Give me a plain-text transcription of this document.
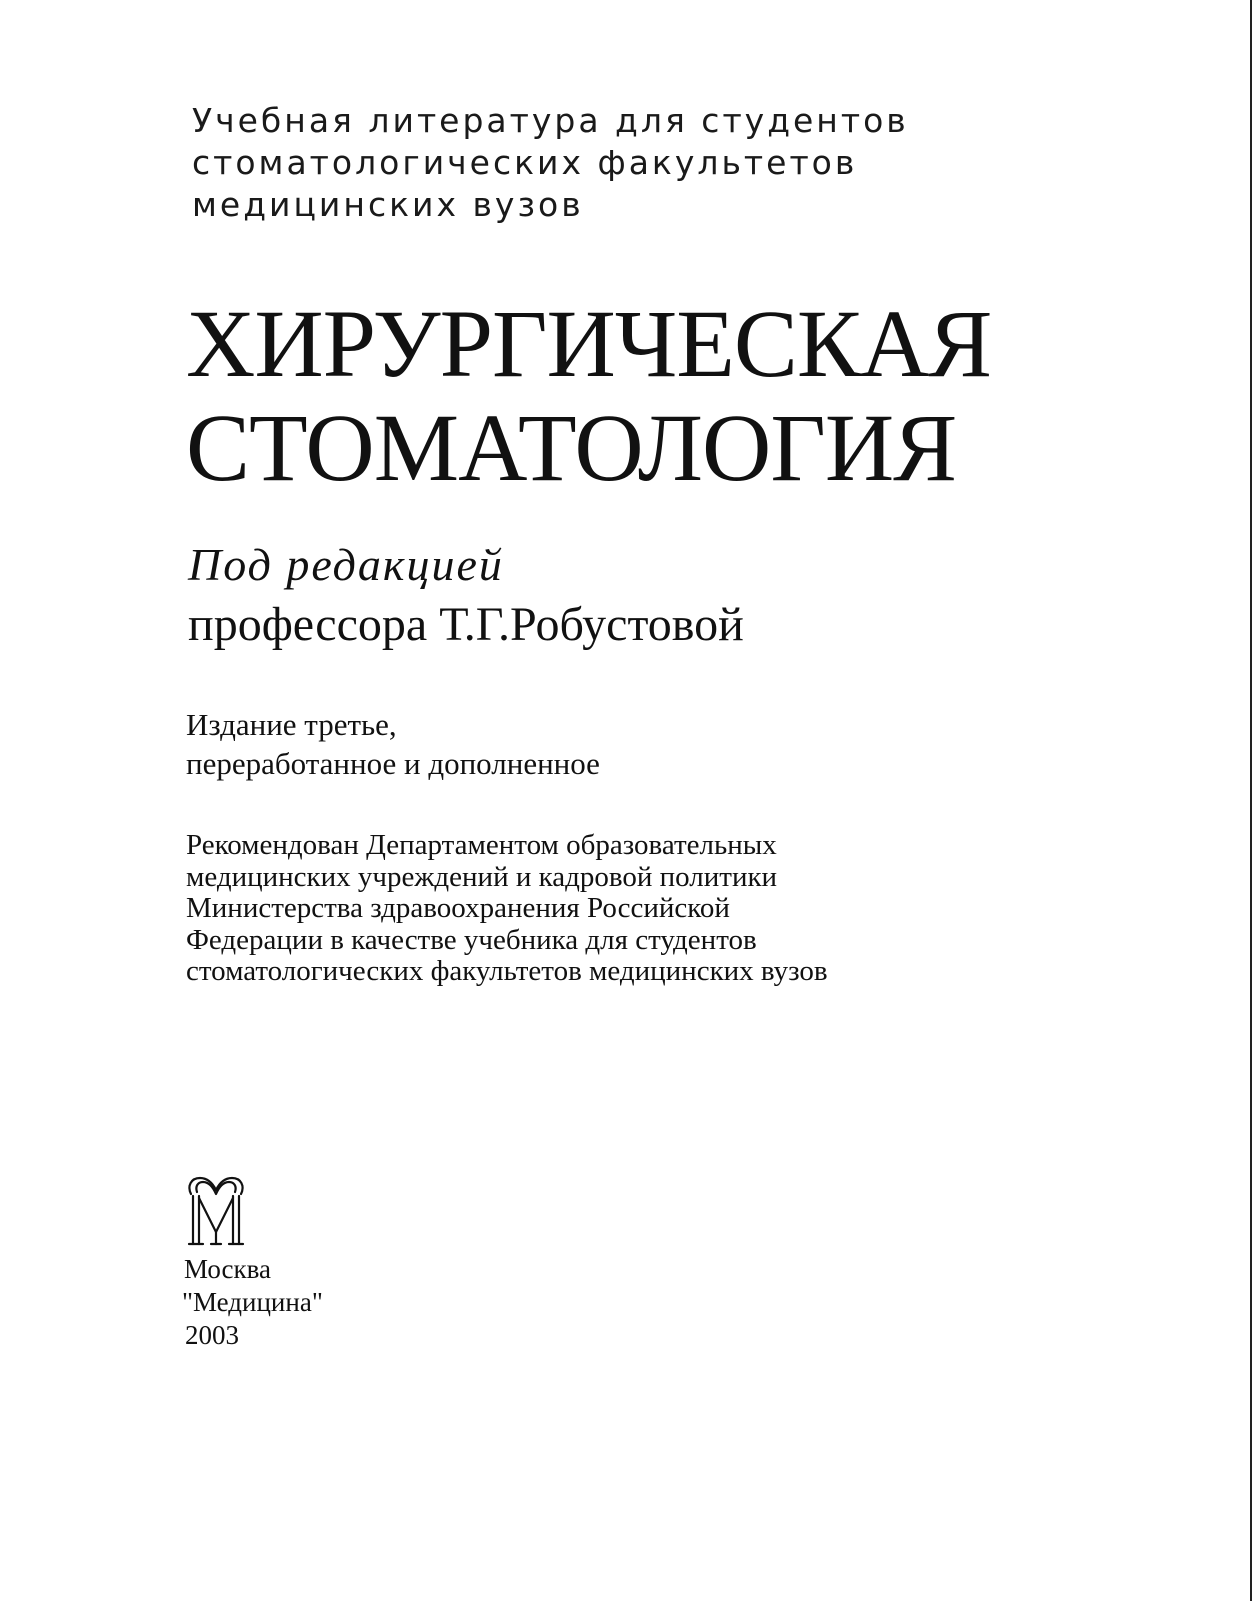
Учебная литература для студентов
стоматологических факультетов
медицинских вузов
ХИРУРГИЧЕСКАЯ
СТОМАТОЛОГИЯ
Под редакцией
профессора Т.Г.Робустовой
Издание третье,
переработанное и дополненное
Рекомендован Департаментом образовательных
медицинских учреждений и кадровой политики
Министерства здравоохранения Российской
Федерации в качестве учебника для студентов
стоматологических факультетов медицинских вузов
Москва
"Медицина"
2003
